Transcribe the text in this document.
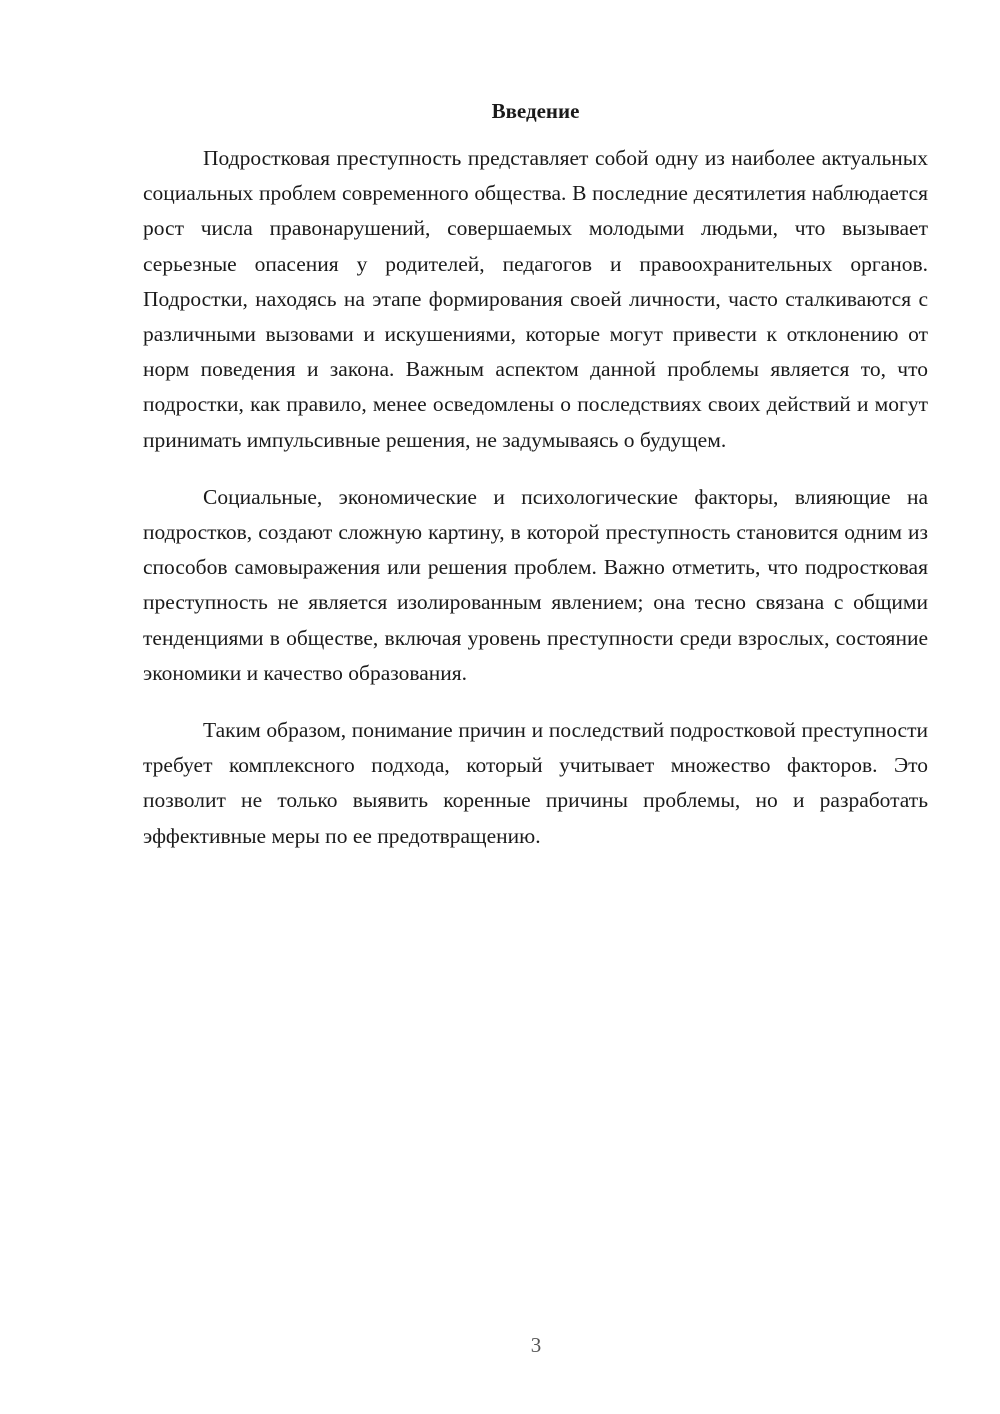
Введение

Подростковая преступность представляет собой одну из наиболее актуальных социальных проблем современного общества. В последние десятилетия наблюдается рост числа правонарушений, совершаемых молодыми людьми, что вызывает серьезные опасения у родителей, педагогов и правоохранительных органов. Подростки, находясь на этапе формирования своей личности, часто сталкиваются с различными вызовами и искушениями, которые могут привести к отклонению от норм поведения и закона. Важным аспектом данной проблемы является то, что подростки, как правило, менее осведомлены о последствиях своих действий и могут принимать импульсивные решения, не задумываясь о будущем.

Социальные, экономические и психологические факторы, влияющие на подростков, создают сложную картину, в которой преступность становится одним из способов самовыражения или решения проблем. Важно отметить, что подростковая преступность не является изолированным явлением; она тесно связана с общими тенденциями в обществе, включая уровень преступности среди взрослых, состояние экономики и качество образования.

Таким образом, понимание причин и последствий подростковой преступности требует комплексного подхода, который учитывает множество факторов. Это позволит не только выявить коренные причины проблемы, но и разработать эффективные меры по ее предотвращению.

3
